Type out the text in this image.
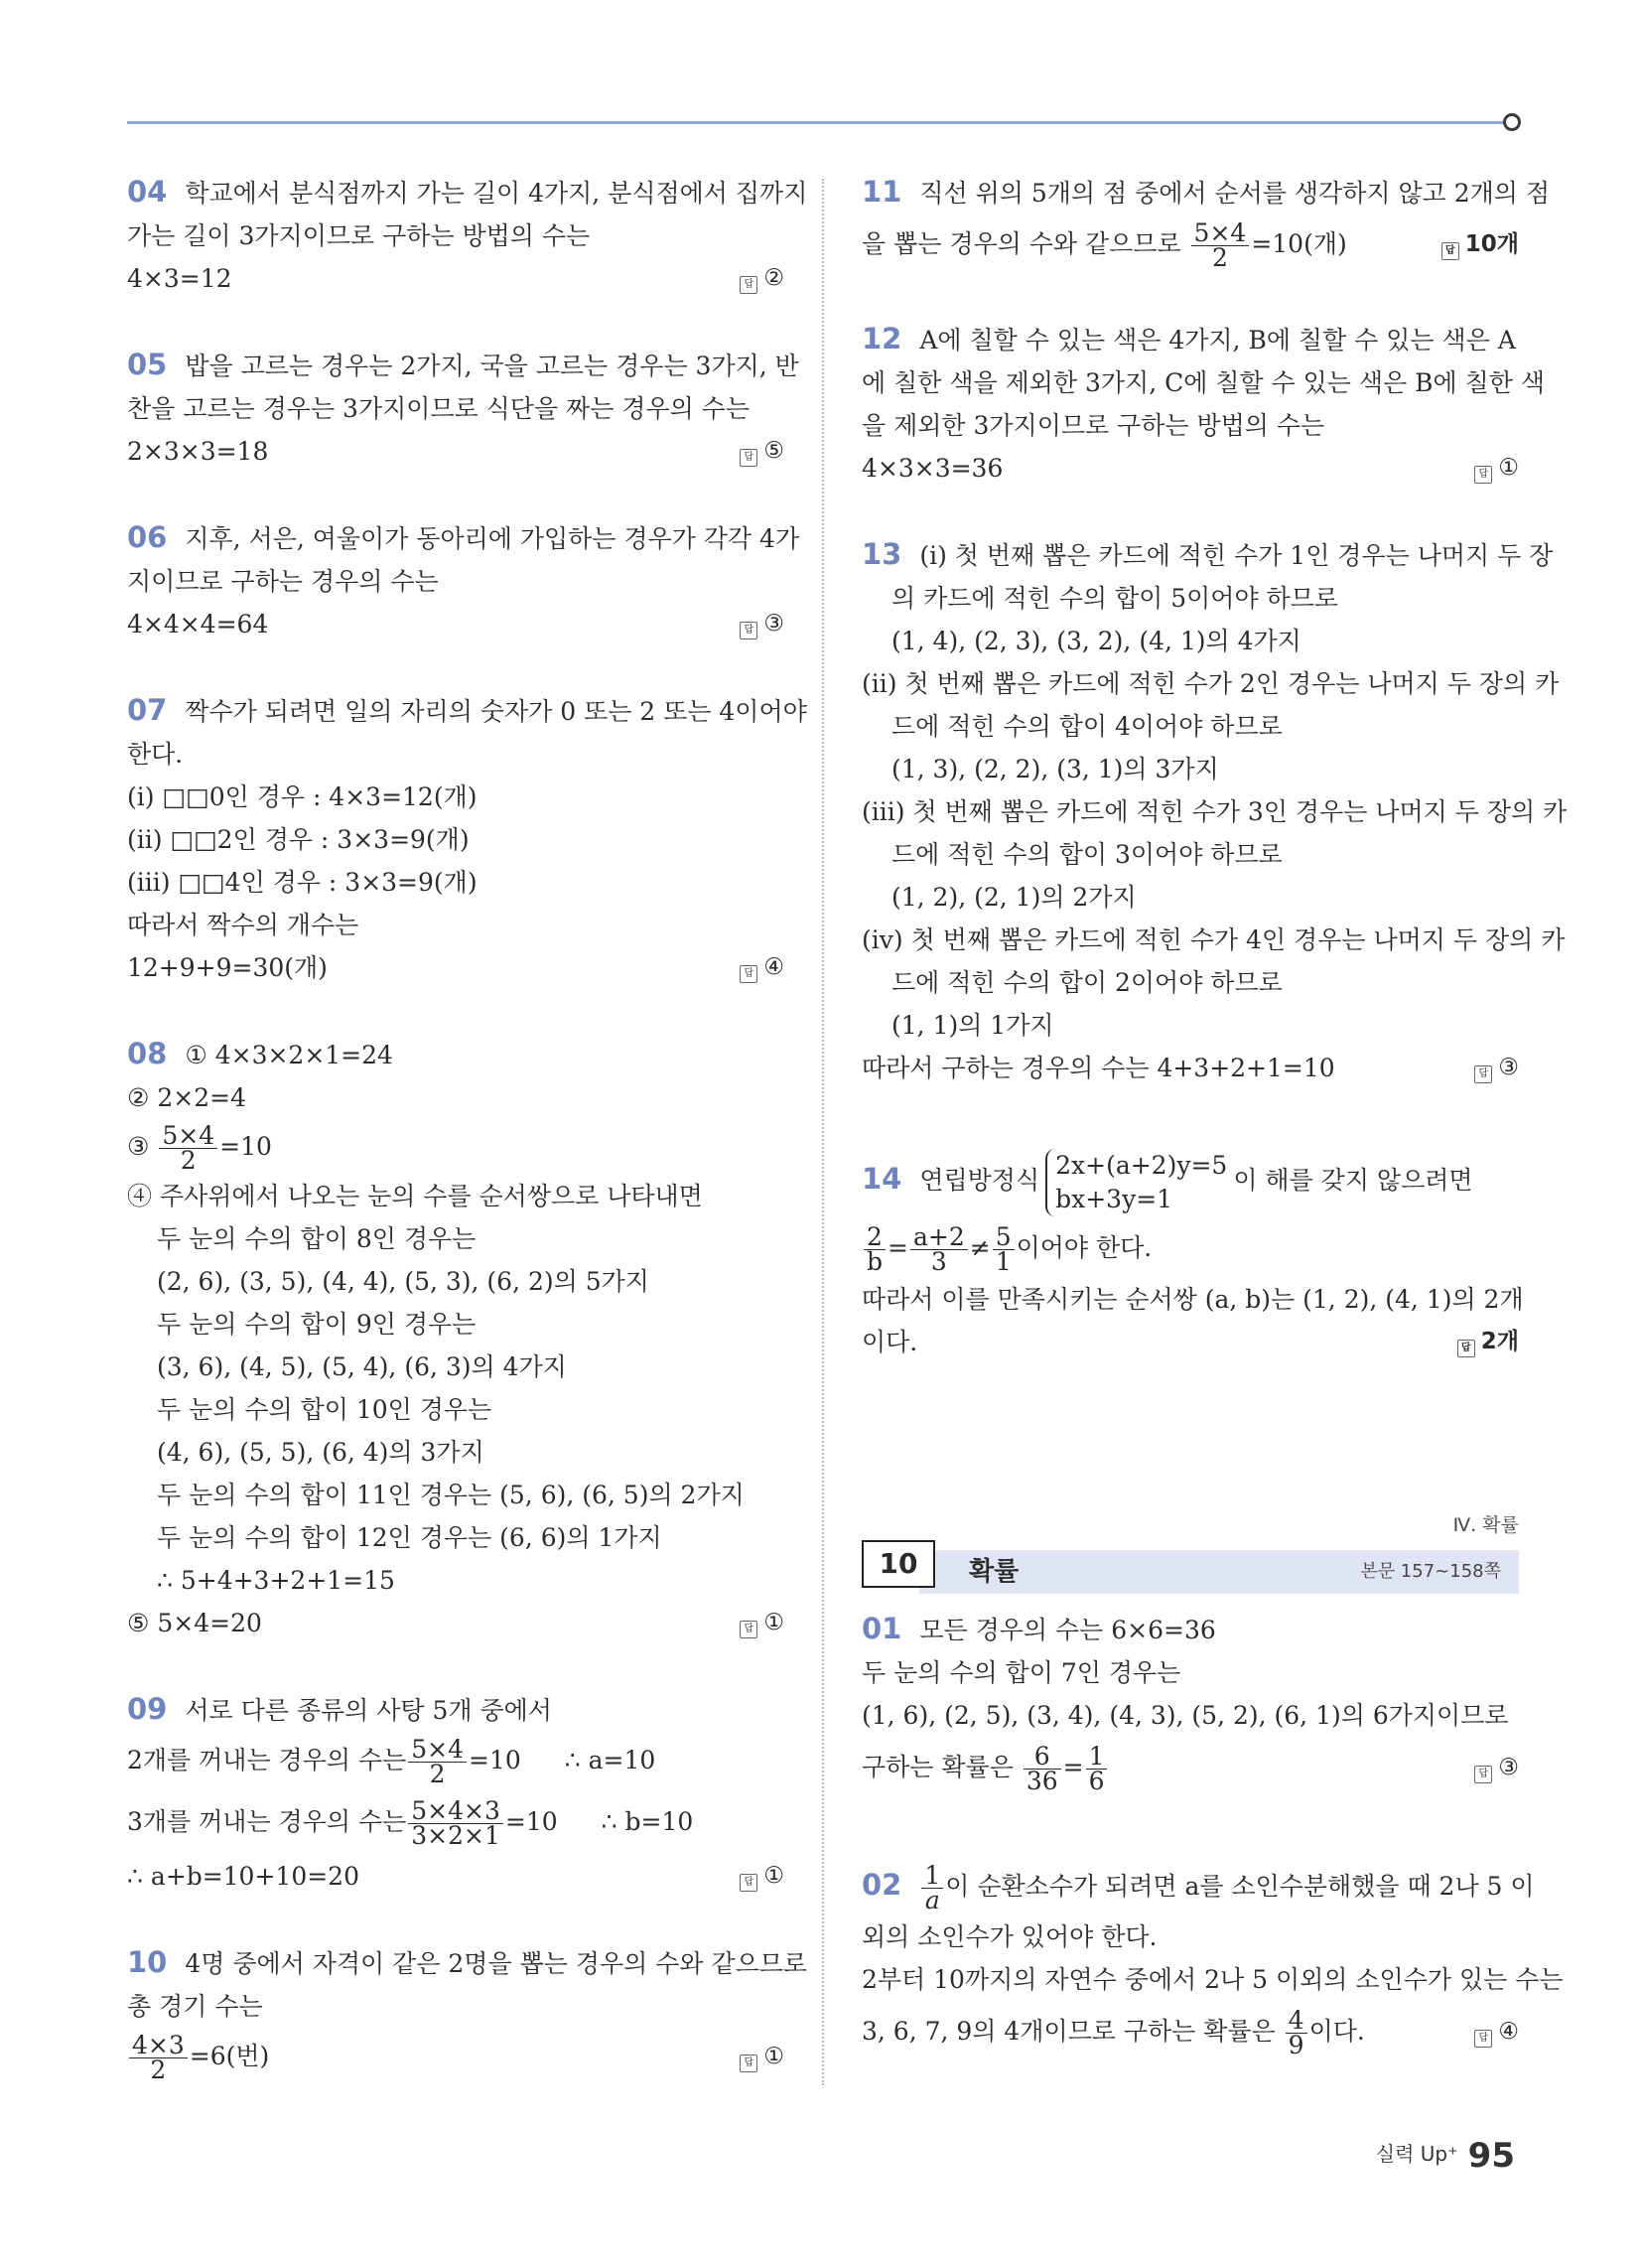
04 학교에서 분식점까지 가는 길이 4가지, 분식점에서 집까지
가는 길이 3가지이므로 구하는 방법의 수는
4×3=12	답 ②
05 밥을 고르는 경우는 2가지, 국을 고르는 경우는 3가지, 반
찬을 고르는 경우는 3가지이므로 식단을 짜는 경우의 수는
2×3×3=18	답 ⑤
06 지후, 서은, 여울이가 동아리에 가입하는 경우가 각각 4가
지이므로 구하는 경우의 수는
4×4×4=64	답 ③
07 짝수가 되려면 일의 자리의 숫자가 0 또는 2 또는 4이어야
한다.
(ⅰ) □□0인 경우 : 4×3=12(개)
(ⅱ) □□2인 경우 : 3×3=9(개)
(ⅲ) □□4인 경우 : 3×3=9(개)
따라서 짝수의 개수는
12+9+9=30(개)	답 ④
08 ① 4×3×2×1=24
② 2×2=4
③ $\frac{5\times 4}{2} =10$
④ 주사위에서 나오는 눈의 수를 순서쌍으로 나타내면
두 눈의 수의 합이 8인 경우는
(2, 6), (3, 5), (4, 4), (5, 3), (6, 2)의 5가지
두 눈의 수의 합이 9인 경우는
(3, 6), (4, 5), (5, 4), (6, 3)의 4가지
두 눈의 수의 합이 10인 경우는
(4, 6), (5, 5), (6, 4)의 3가지
두 눈의 수의 합이 11인 경우는 (5, 6), (6, 5)의 2가지
두 눈의 수의 합이 12인 경우는 (6, 6)의 1가지
∴ 5+4+3+2+1=15
⑤ 5×4=20	답 ①
09 서로 다른 종류의 사탕 5개 중에서
2개를 꺼내는 경우의 수는 $\frac{5\times 4}{2} =10$ ∴ a=10
3개를 꺼내는 경우의 수는 $\frac{5\times 4\times 3}{3\times 2\times 1} =10$ ∴ b=10
∴ a+b=10+10=20	답 ①
10 4명 중에서 자격이 같은 2명을 뽑는 경우의 수와 같으므로
총 경기 수는
$\frac{4\times 3}{2} =6$(번)	답 ①
11 직선 위의 5개의 점 중에서 순서를 생각하지 않고 2개의 점
을 뽑는 경우의 수와 같으므로 $\frac{5\times 4}{2} =10$(개)	답 10개
12 A에 칠할 수 있는 색은 4가지, B에 칠할 수 있는 색은 A
에 칠한 색을 제외한 3가지, C에 칠할 수 있는 색은 B에 칠한 색
을 제외한 3가지이므로 구하는 방법의 수는
4×3×3=36	답 ①
13 (ⅰ) 첫 번째 뽑은 카드에 적힌 수가 1인 경우는 나머지 두 장
의 카드에 적힌 수의 합이 5이어야 하므로
(1, 4), (2, 3), (3, 2), (4, 1)의 4가지
(ⅱ) 첫 번째 뽑은 카드에 적힌 수가 2인 경우는 나머지 두 장의 카
드에 적힌 수의 합이 4이어야 하므로
(1, 3), (2, 2), (3, 1)의 3가지
(ⅲ) 첫 번째 뽑은 카드에 적힌 수가 3인 경우는 나머지 두 장의 카
드에 적힌 수의 합이 3이어야 하므로
(1, 2), (2, 1)의 2가지
(ⅳ) 첫 번째 뽑은 카드에 적힌 수가 4인 경우는 나머지 두 장의 카
드에 적힌 수의 합이 2이어야 하므로
(1, 1)의 1가지
따라서 구하는 경우의 수는 4+3+2+1=10	답 ③
14 연립방정식
2x+(a+2)y=5
bx+3y=1
이 해를 갖지 않으려면
$\frac{2}{b} = \frac{a+2}{3} \ne \frac{5}{1}$ 이어야 한다.
따라서 이를 만족시키는 순서쌍 (a, b)는 (1, 2), (4, 1)의 2개
이다.	답 2개
Ⅳ. 확률
10	확률	본문 157~158쪽
01 모든 경우의 수는 6×6=36
두 눈의 수의 합이 7인 경우는
(1, 6), (2, 5), (3, 4), (4, 3), (5, 2), (6, 1)의 6가지이므로
구하는 확률은 $\frac{6}{36} = \frac{1}{6}$	답 ③
$02 \frac{1}{a}$ 이 순환소수가 되려면 a를 소인수분해했을 때 2나 5 이
외의 소인수가 있어야 한다.
2부터 10까지의 자연수 중에서 2나 5 이외의 소인수가 있는 수는
3, 6, 7, 9의 4개이므로 구하는 확률은 $\frac{4}{9}$ 이다.	답 ④
$^{실력 Up^+}$ 95
